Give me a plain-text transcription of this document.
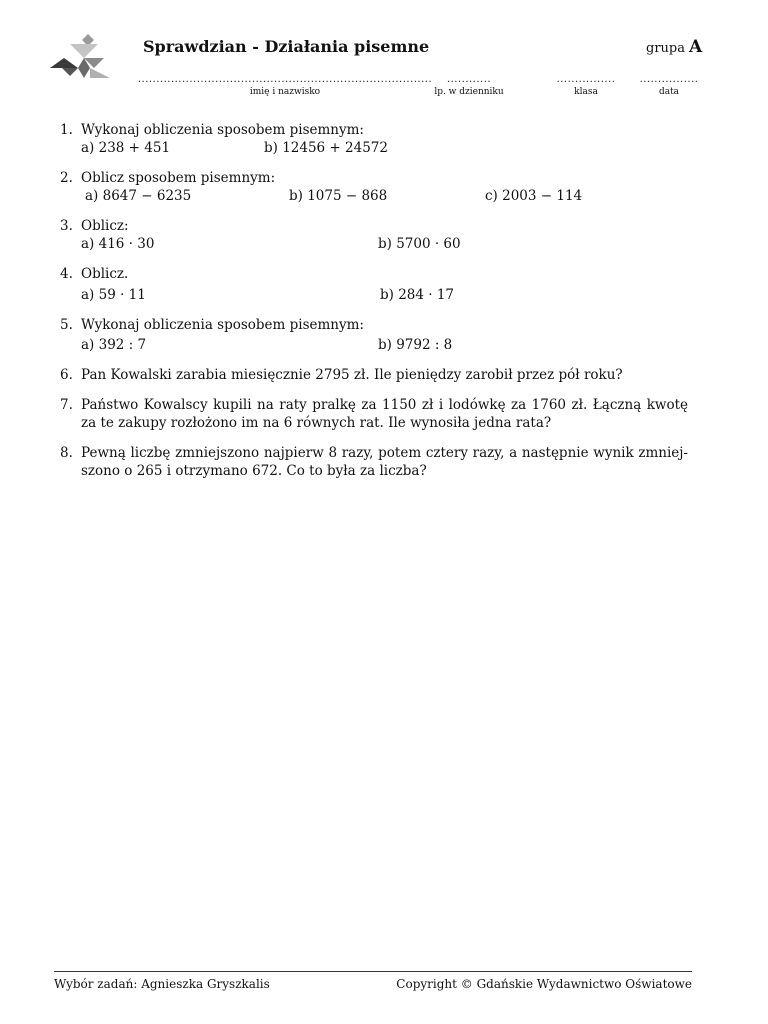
Sprawdzian - Działania pisemne	grupa A
................................................................................
imię i nazwisko
............
lp. w dzienniku
................
klasa
................
data
1. Wykonaj obliczenia sposobem pisemnym:
a) 238 + 451	b) 12456 + 24572
2. Oblicz sposobem pisemnym:
a) 8647 − 6235	b) 1075 − 868	c) 2003 − 114
3. Oblicz:
a) 416 · 30	b) 5700 · 60
4. Oblicz.
a) 59 · 11	b) 284 · 17
5. Wykonaj obliczenia sposobem pisemnym:
a) 392 : 7	b) 9792 : 8
6. Pan Kowalski zarabia miesięcznie 2795 zł. Ile pieniędzy zarobił przez pół roku?
7. Państwo Kowalscy kupili na raty pralkę za 1150 zł i lodówkę za 1760 zł. Łączną kwotę za te zakupy rozłożono im na 6 równych rat. Ile wynosiła jedna rata?
8. Pewną liczbę zmniejszono najpierw 8 razy, potem cztery razy, a następnie wynik zmniej-szono o 265 i otrzymano 672. Co to była za liczba?
Wybór zadań: Agnieszka Gryszkalis	Copyright © Gdańskie Wydawnictwo Oświatowe
